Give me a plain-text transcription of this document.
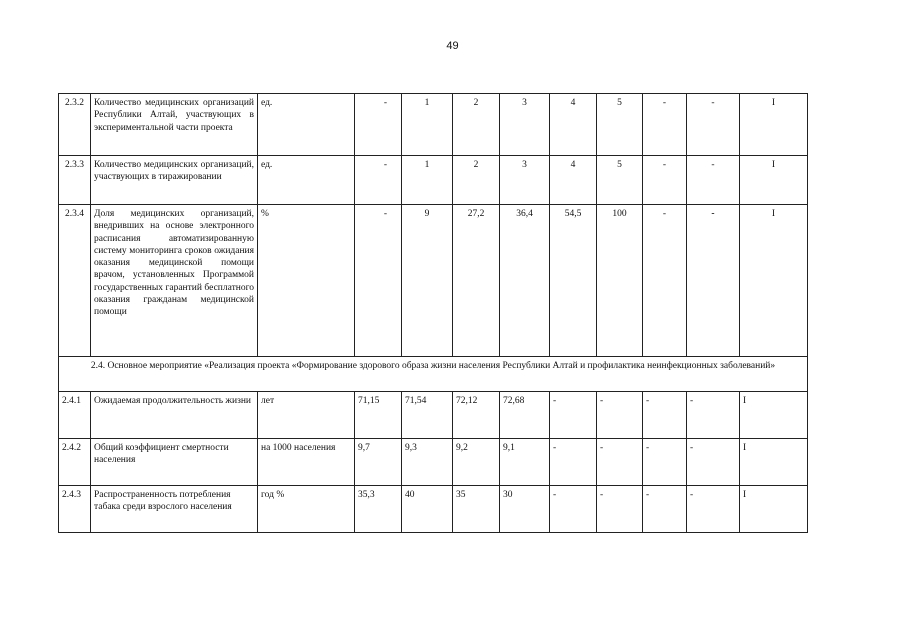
49
2.3.2	Количество медицинских организаций Республики Алтай, участвующих в экспериментальной части проекта	ед.	-	1	2	3	4	5	-	-	I
2.3.3	Количество медицинских организаций, участвующих в тиражировании	ед.	-	1	2	3	4	5	-	-	I
2.3.4	Доля медицинских организаций, внедривших на основе электронного расписания автоматизированную систему мониторинга сроков ожидания оказания медицинской помощи врачом, установленных Программой государственных гарантий бесплатного оказания гражданам медицинской помощи	%	-	9	27,2	36,4	54,5	100	-	-	I
2.4. Основное мероприятие «Реализация проекта «Формирование здорового образа жизни населения Республики Алтай и профилактика неинфекционных заболеваний»											
2.4.1	Ожидаемая продолжительность жизни	лет	71,15	71,54	72,12	72,68	-	-	-	-	I
2.4.2	Общий коэффициент смертности населения	на 1000 населения	9,7	9,3	9,2	9,1	-	-	-	-	I
2.4.3	Распространенность потребления табака среди взрослого населения	год %	35,3	40	35	30	-	-	-	-	I
